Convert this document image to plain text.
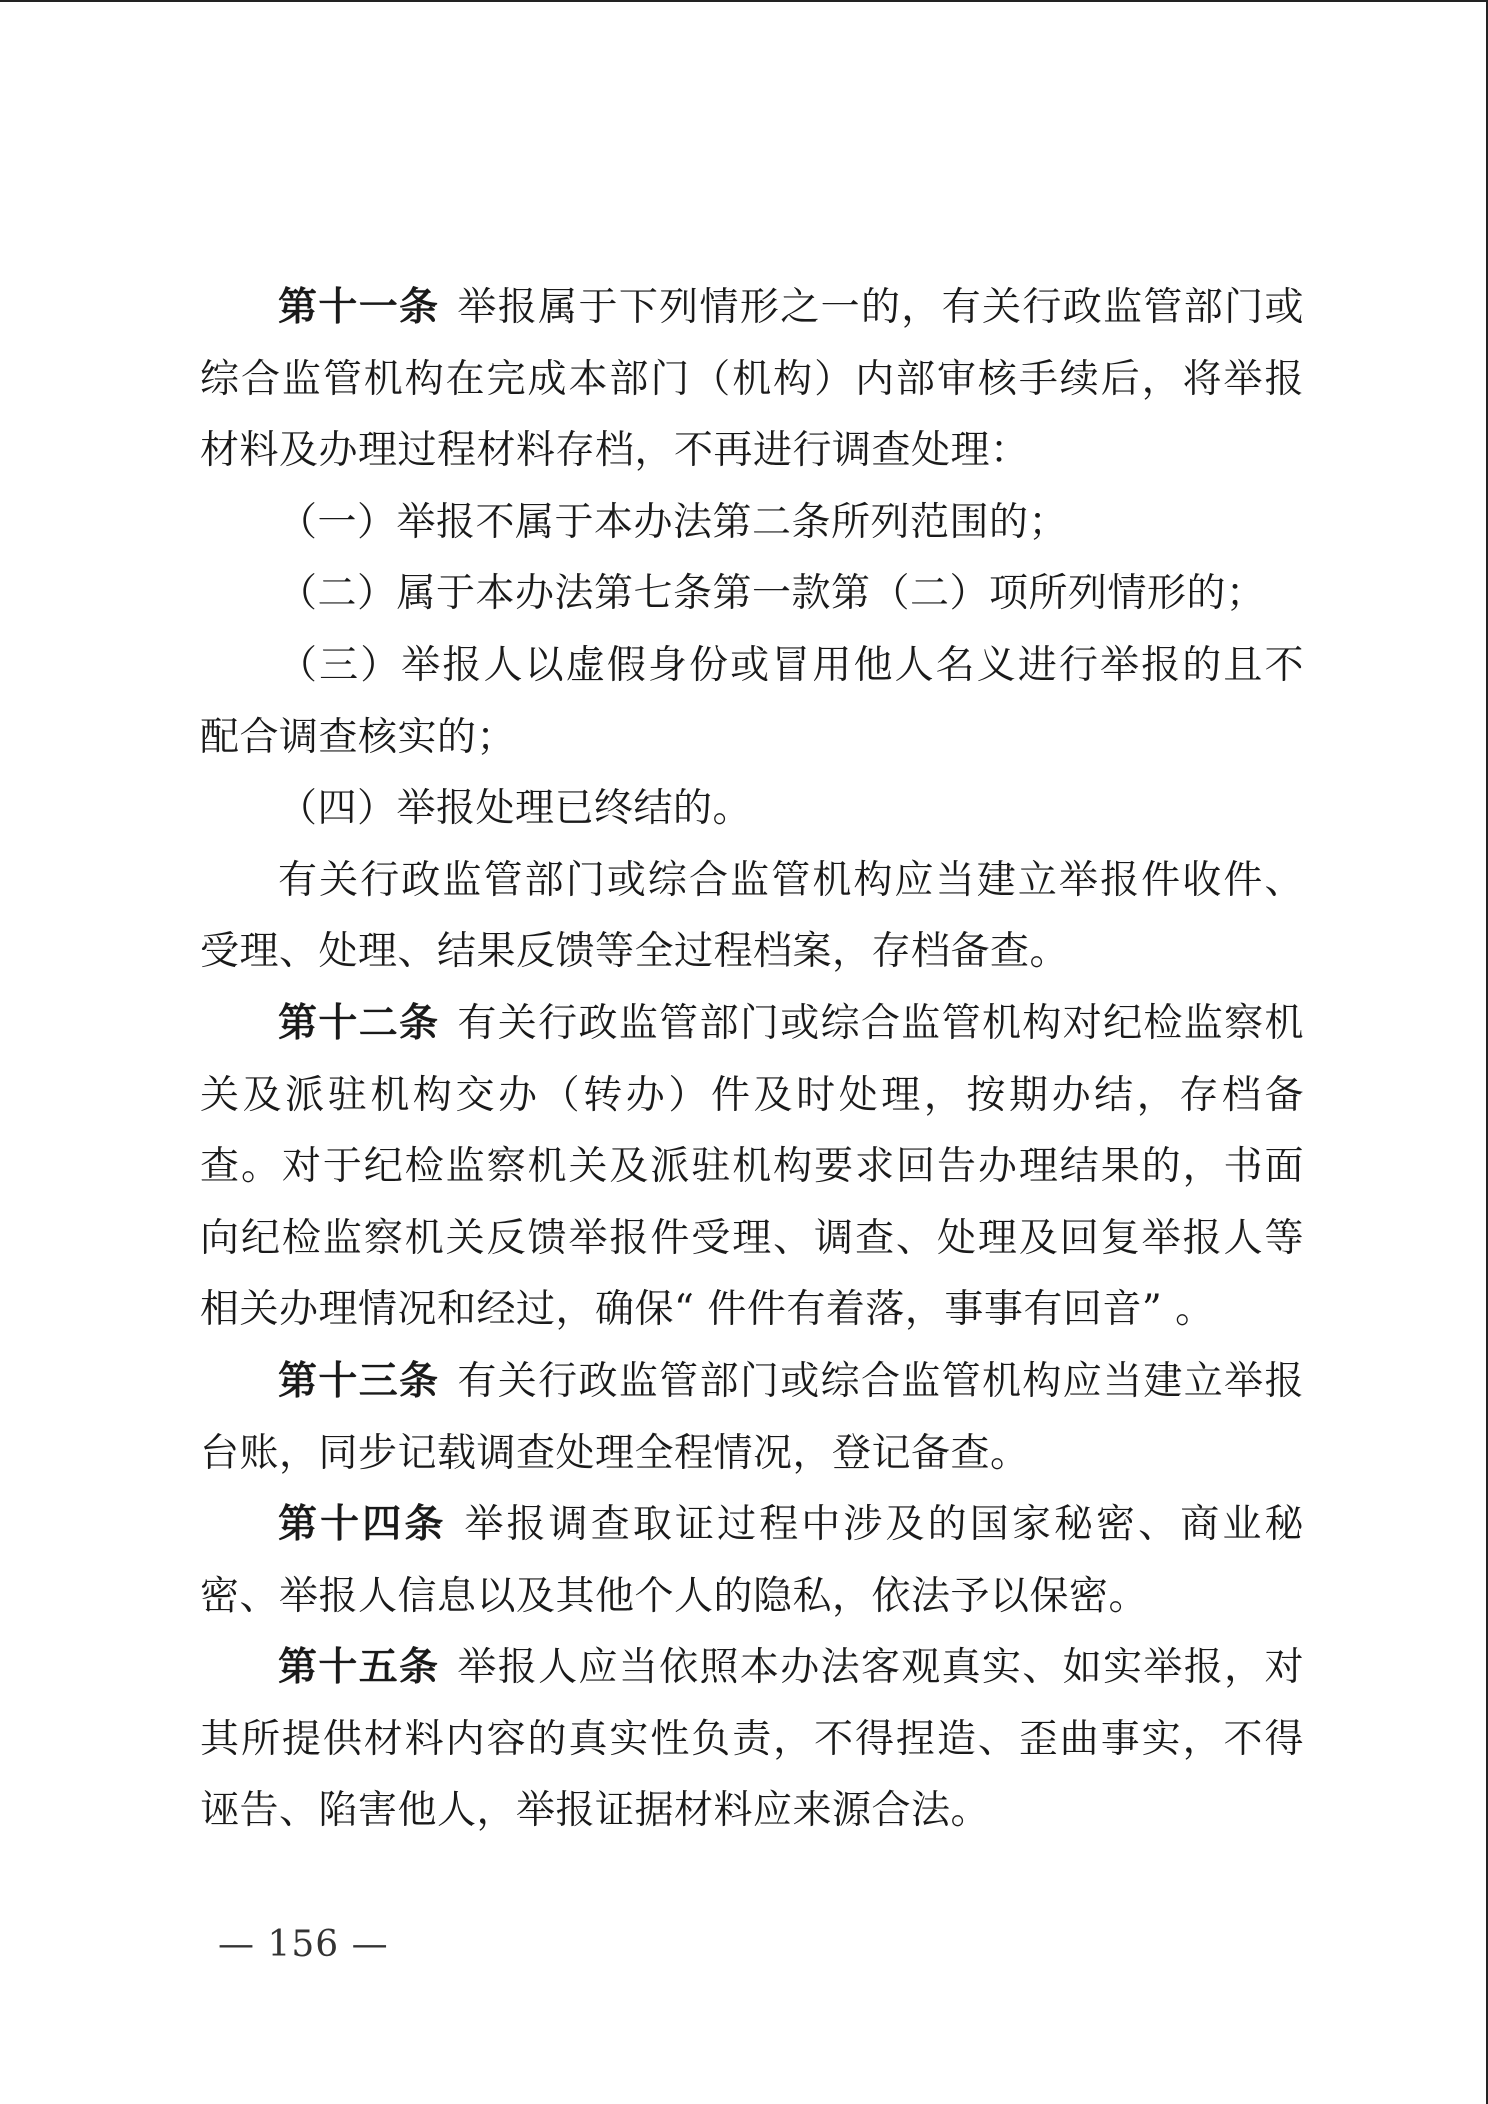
第十一条 举报属于下列情形之一的，有关行政监管部门或
综合监管机构在完成本部门（机构）内部审核手续后，将举报
材料及办理过程材料存档，不再进行调查处理：
（一）举报不属于本办法第二条所列范围的；
（二）属于本办法第七条第一款第（二）项所列情形的；
（三）举报人以虚假身份或冒用他人名义进行举报的且不
配合调查核实的；
（四）举报处理已终结的。
有关行政监管部门或综合监管机构应当建立举报件收件、
受理、处理、结果反馈等全过程档案，存档备查。
第十二条 有关行政监管部门或综合监管机构对纪检监察机
关及派驻机构交办（转办）件及时处理，按期办结，存档备
查。对于纪检监察机关及派驻机构要求回告办理结果的，书面
向纪检监察机关反馈举报件受理、调查、处理及回复举报人等
相关办理情况和经过，确保“ 件件有着落，事事有回音” 。
第十三条 有关行政监管部门或综合监管机构应当建立举报
台账，同步记载调查处理全程情况，登记备查。
第十四条 举报调查取证过程中涉及的国家秘密、商业秘
密、举报人信息以及其他个人的隐私，依法予以保密。
第十五条 举报人应当依照本办法客观真实、如实举报，对
其所提供材料内容的真实性负责，不得捏造、歪曲事实，不得
诬告、陷害他人，举报证据材料应来源合法。
— 156 —
